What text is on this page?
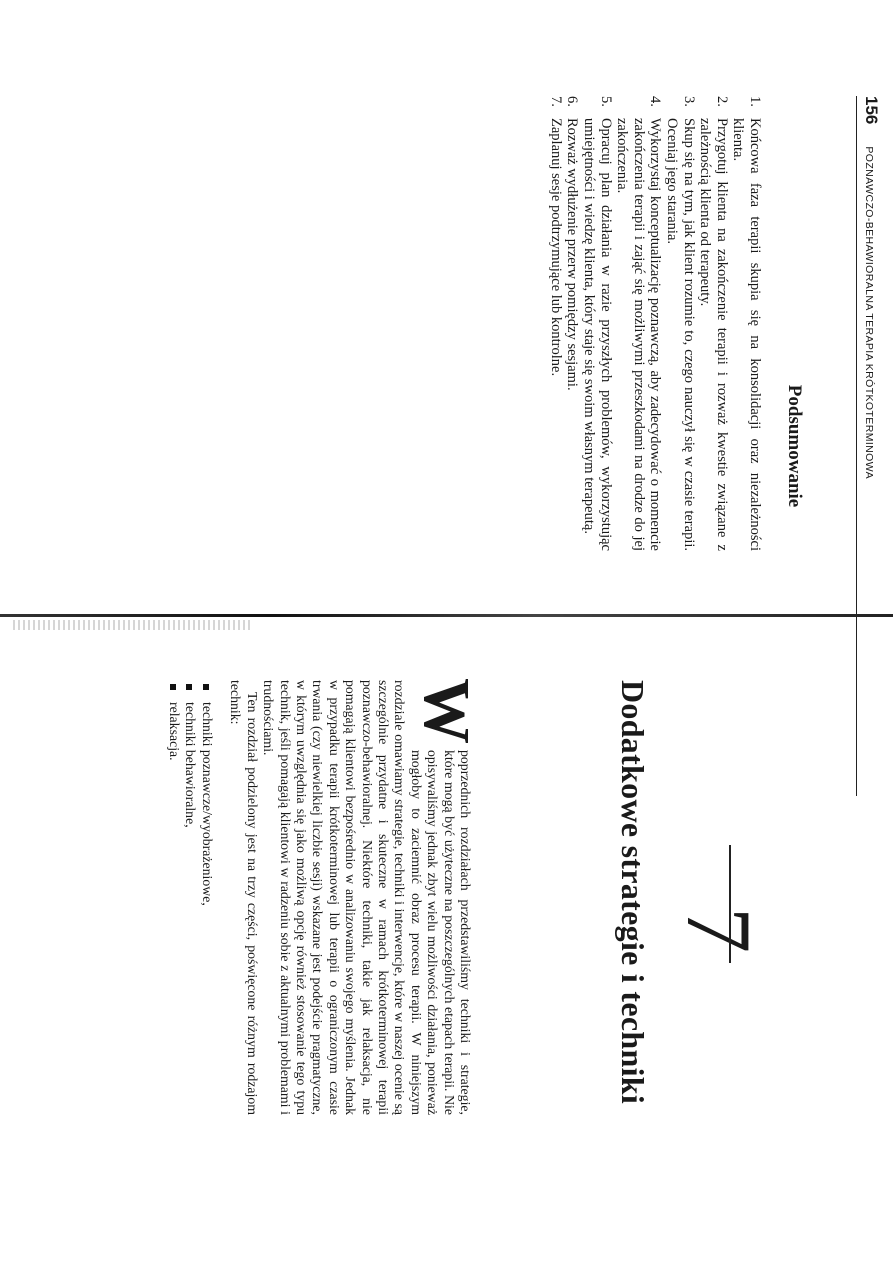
156
POZNAWCZO-BEHAWIORALNA TERAPIA KRÓTKOTERMINOWA
Podsumowanie
1.
Końcowa faza terapii skupia się na konsolidacji oraz niezależności klienta.
2.
Przygotuj klienta na zakończenie terapii i rozważ kwestie związane z zależnością klienta od terapeuty.
3.
Skup się na tym, jak klient rozumie to, czego nauczył się w czasie terapii. Oceniaj jego starania.
4.
Wykorzystaj konceptualizację poznawczą, aby zadecydować o momencie zakończenia terapii i zająć się możliwymi przeszkodami na drodze do jej zakończenia.
5.
Opracuj plan działania w razie przyszłych problemów, wykorzystując umiejętności i wiedzę klienta, który staje się swoim własnym terapeutą.
6.
Rozważ wydłużenie przerw pomiędzy sesjami.
7.
Zaplanuj sesje podtrzymujące lub kontrolne.
7
Dodatkowe strategie i techniki

W
poprzednich rozdziałach przedstawiliśmy techniki i strategie, które mogą być użyteczne na poszczególnych etapach terapii. Nie opisywaliśmy jednak zbyt wielu możliwości działania, ponieważ mogłoby to zaciemnić obraz procesu terapii. W niniejszym rozdziale omawiamy strategie, techniki i interwencje, które w naszej ocenie są szczególnie przydatne i skuteczne w ramach krótkoterminowej terapii poznawczo-behawioralnej. Niektóre techniki, takie jak relaksacja, nie pomagają klientowi bezpośrednio w analizowaniu swojego myślenia. Jednak w przypadku terapii krótkoterminowej lub terapii o ograniczonym czasie trwania (czy niewielkiej liczbie sesji) wskazane jest podejście pragmatyczne, w którym uwzględnia się jako możliwą opcję również stosowanie tego typu technik, jeśli pomagają klientowi w radzeniu sobie z aktualnymi problemami i trudnościami.

Ten rozdział podzielony jest na trzy części, poświęcone różnym rodzajom technik:

techniki poznawcze/wyobrażeniowe,
techniki behawioralne,
relaksacja.
